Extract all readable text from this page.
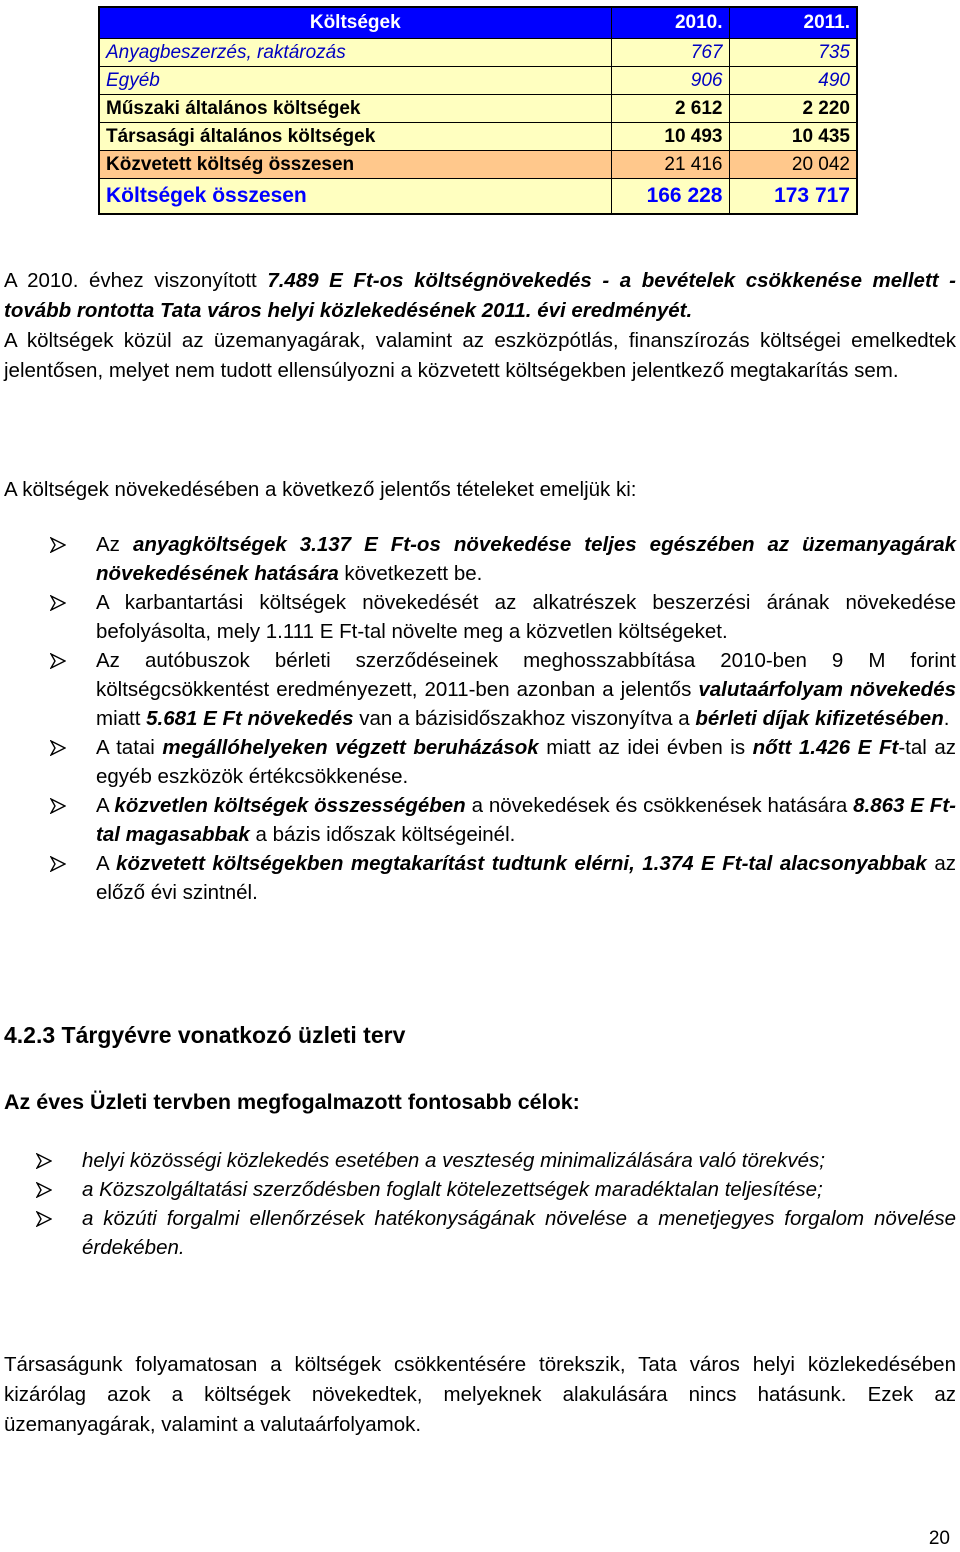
Költségek	2010.	2011.
Anyagbeszerzés, raktározás	767	735
Egyéb	906	490
Műszaki általános költségek	2 612	2 220
Társasági általános költségek	10 493	10 435
Közvetett költség összesen	21 416	20 042
Költségek összesen	166 228	173 717

A 2010. évhez viszonyított 7.489 E Ft-os költségnövekedés - a bevételek csökkenése mellett - tovább rontotta Tata város helyi közlekedésének 2011. évi eredményét.

A költségek közül az üzemanyagárak, valamint az eszközpótlás, finanszírozás költségei emelkedtek jelentősen, melyet nem tudott ellensúlyozni a közvetett költségekben jelentkező megtakarítás sem.

A költségek növekedésében a következő jelentős tételeket emeljük ki:

Az anyagköltségek 3.137 E Ft-os növekedése teljes egészében az üzemanyagárak növekedésének hatására következett be.
A karbantartási költségek növekedését az alkatrészek beszerzési árának növekedése befolyásolta, mely 1.111 E Ft-tal növelte meg a közvetlen költségeket.
Az autóbuszok bérleti szerződéseinek meghosszabbítása 2010-ben 9 M forint költségcsökkentést eredményezett, 2011-ben azonban a jelentős valutaárfolyam növekedés miatt 5.681 E Ft növekedés van a bázisidőszakhoz viszonyítva a bérleti díjak kifizetésében.
A tatai megállóhelyeken végzett beruházások miatt az idei évben is nőtt 1.426 E Ft-tal az egyéb eszközök értékcsökkenése.
A közvetlen költségek összességében a növekedések és csökkenések hatására 8.863 E Ft-tal magasabbak a bázis időszak költségeinél.
A közvetett költségekben megtakarítást tudtunk elérni, 1.374 E Ft-tal alacsonyabbak az előző évi szintnél.
4.2.3 Tárgyévre vonatkozó üzleti terv
Az éves Üzleti tervben megfogalmazott fontosabb célok:
helyi közösségi közlekedés esetében a veszteség minimalizálására való törekvés;
a Közszolgáltatási szerződésben foglalt kötelezettségek maradéktalan teljesítése;
a közúti forgalmi ellenőrzések hatékonyságának növelése a menetjegyes forgalom növelése érdekében.

Társaságunk folyamatosan a költségek csökkentésére törekszik, Tata város helyi közlekedésében kizárólag azok a költségek növekedtek, melyeknek alakulására nincs hatásunk. Ezek az üzemanyagárak, valamint a valutaárfolyamok.

20
